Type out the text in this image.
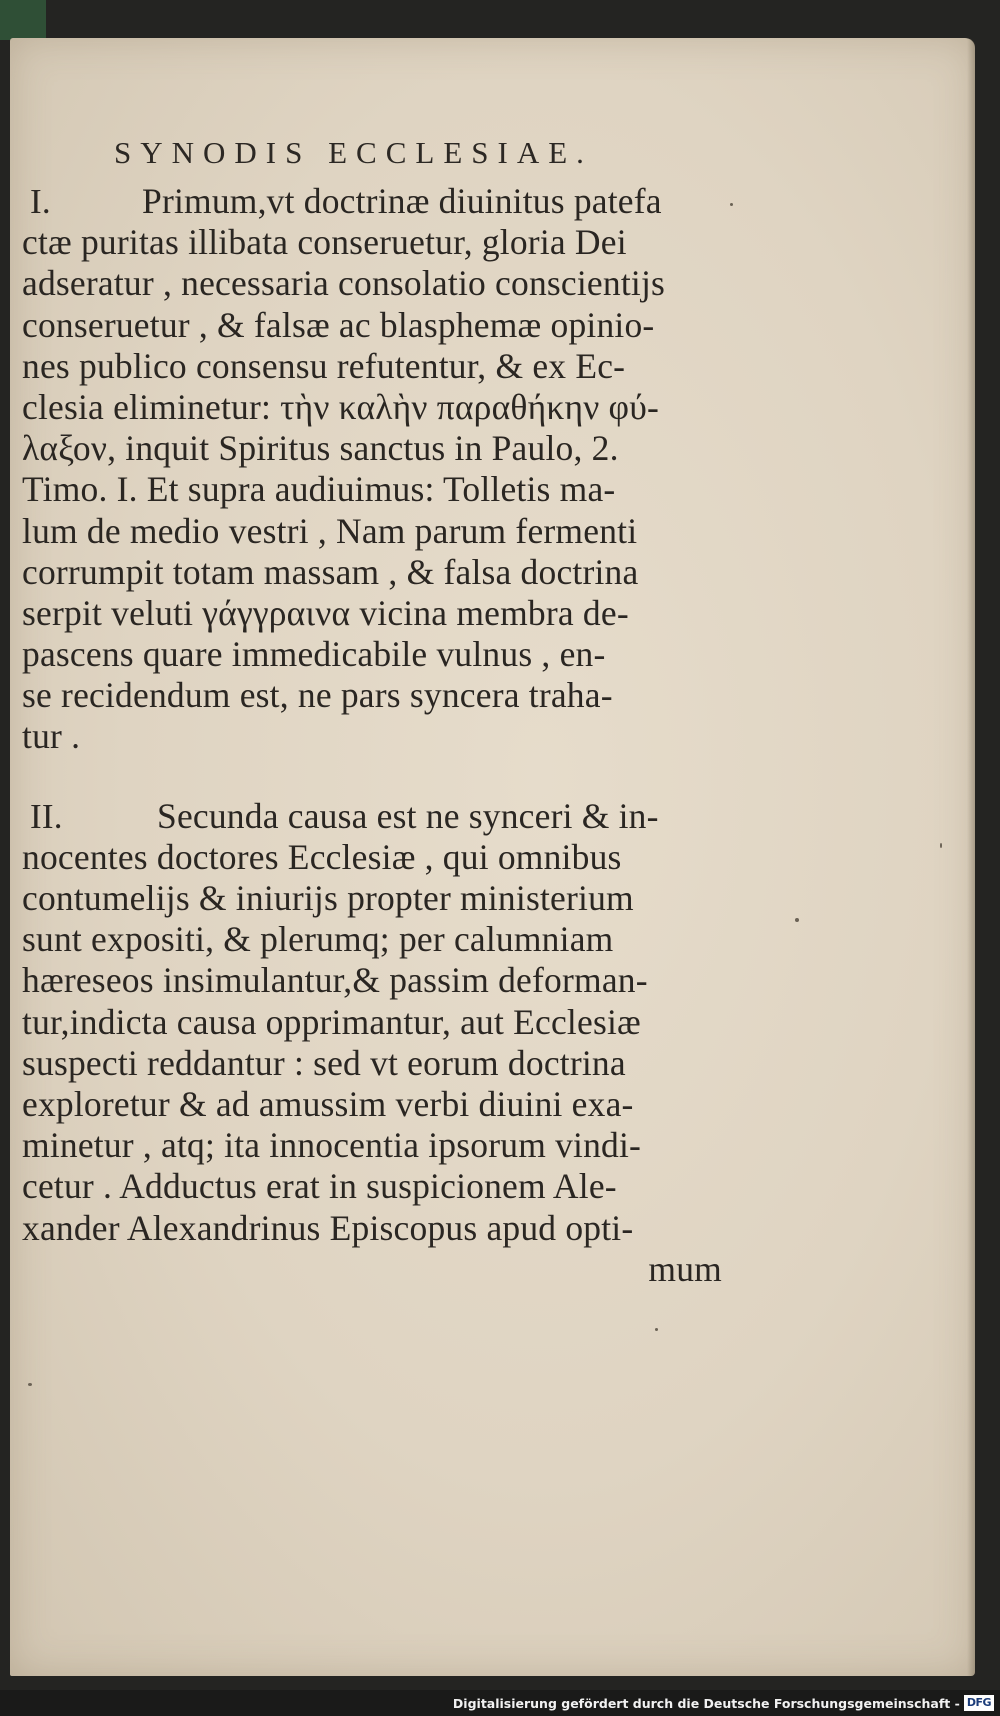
SYNODIS ECCLESIAE.
I.	Primum,vt doctrinæ diuinitus patefa
ctæ puritas illibata conseruetur, gloria Dei
adseratur , necessaria consolatio conscientijs
conseruetur , & falsæ ac blasphemæ opinio-
nes publico consensu refutentur, & ex Ec-
clesia eliminetur: τὴν καλὴν παραθήκην φύ-
λαξον, inquit Spiritus sanctus in Paulo, 2.
Timo. I. Et supra audiuimus: Tolletis ma-
lum de medio vestri , Nam parum fermenti
corrumpit totam massam , & falsa doctrina
serpit veluti γάγγραινα vicina membra de-
pascens quare immedicabile vulnus , en-
se recidendum est, ne pars syncera traha-
tur .
II.	Secunda causa est ne synceri & in-
nocentes doctores Ecclesiæ , qui omnibus
contumelijs & iniurijs propter ministerium
sunt expositi, & plerumq; per calumniam
hæreseos insimulantur,& passim deforman-
tur,indicta causa opprimantur, aut Ecclesiæ
suspecti reddantur : sed vt eorum doctrina
exploretur & ad amussim verbi diuini exa-
minetur , atq; ita innocentia ipsorum vindi-
cetur . Adductus erat in suspicionem Ale-
xander Alexandrinus Episcopus apud opti-
mum
Digitalisierung gefördert durch die Deutsche Forschungsgemeinschaft - DFG
